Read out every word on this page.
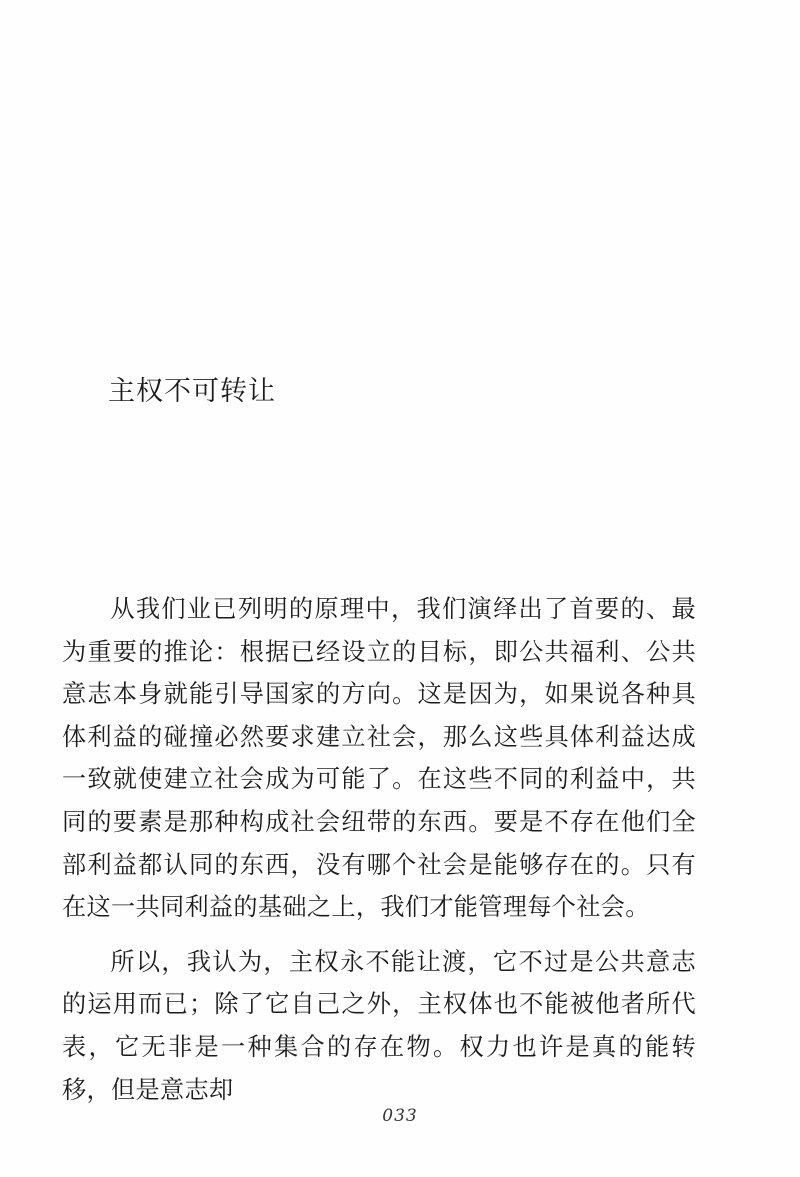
主权不可转让

从我们业已列明的原理中，我们演绎出了首要的、最为重要的推论：根据已经设立的目标，即公共福利、公共意志本身就能引导国家的方向。这是因为，如果说各种具体利益的碰撞必然要求建立社会，那么这些具体利益达成一致就使建立社会成为可能了。在这些不同的利益中，共同的要素是那种构成社会纽带的东西。要是不存在他们全部利益都认同的东西，没有哪个社会是能够存在的。只有在这一共同利益的基础之上，我们才能管理每个社会。

所以，我认为，主权永不能让渡，它不过是公共意志的运用而已；除了它自己之外，主权体也不能被他者所代表，它无非是一种集合的存在物。权力也许是真的能转移，但是意志却

033
